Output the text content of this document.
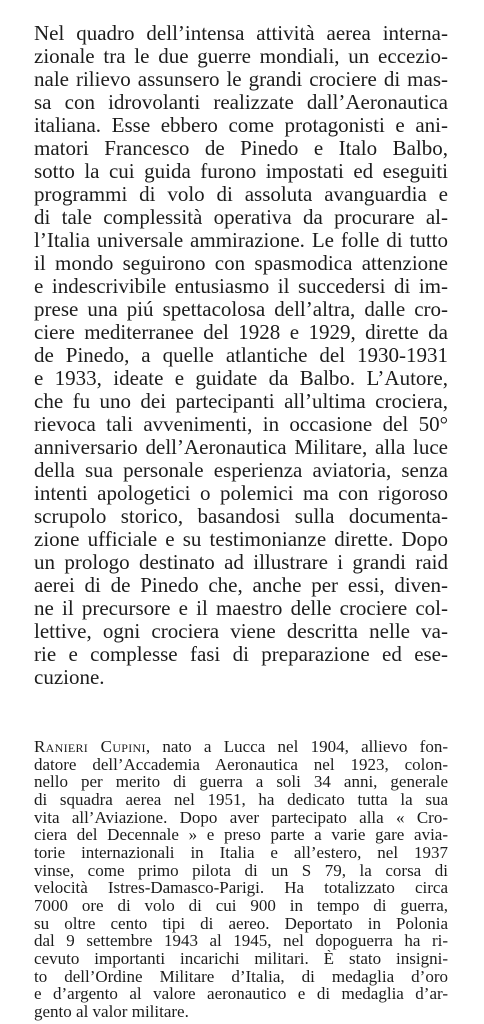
Nel quadro dell’intensa attività aerea interna-
zionale tra le due guerre mondiali, un eccezio-
nale rilievo assunsero le grandi crociere di mas-
sa con idrovolanti realizzate dall’Aeronautica
italiana. Esse ebbero come protagonisti e ani-
matori Francesco de Pinedo e Italo Balbo,
sotto la cui guida furono impostati ed eseguiti
programmi di volo di assoluta avanguardia e
di tale complessità operativa da procurare al-
l’Italia universale ammirazione. Le folle di tutto
il mondo seguirono con spasmodica attenzione
e indescrivibile entusiasmo il succedersi di im-
prese una piú spettacolosa dell’altra, dalle cro-
ciere mediterranee del 1928 e 1929, dirette da
de Pinedo, a quelle atlantiche del 1930-1931
e 1933, ideate e guidate da Balbo. L’Autore,
che fu uno dei partecipanti all’ultima crociera,
rievoca tali avvenimenti, in occasione del 50°
anniversario dell’Aeronautica Militare, alla luce
della sua personale esperienza aviatoria, senza
intenti apologetici o polemici ma con rigoroso
scrupolo storico, basandosi sulla documenta-
zione ufficiale e su testimonianze dirette. Dopo
un prologo destinato ad illustrare i grandi raid
aerei di de Pinedo che, anche per essi, diven-
ne il precursore e il maestro delle crociere col-
lettive, ogni crociera viene descritta nelle va-
rie e complesse fasi di preparazione ed ese-
cuzione.
Ranieri Cupini, nato a Lucca nel 1904, allievo fon-
datore dell’Accademia Aeronautica nel 1923, colon-
nello per merito di guerra a soli 34 anni, generale
di squadra aerea nel 1951, ha dedicato tutta la sua
vita all’Aviazione. Dopo aver partecipato alla « Cro-
ciera del Decennale » e preso parte a varie gare avia-
torie internazionali in Italia e all’estero, nel 1937
vinse, come primo pilota di un S 79, la corsa di
velocità Istres-Damasco-Parigi. Ha totalizzato circa
7000 ore di volo di cui 900 in tempo di guerra,
su oltre cento tipi di aereo. Deportato in Polonia
dal 9 settembre 1943 al 1945, nel dopoguerra ha ri-
cevuto importanti incarichi militari. È stato insigni-
to dell’Ordine Militare d’Italia, di medaglia d’oro
e d’argento al valore aeronautico e di medaglia d’ar-
gento al valor militare.
